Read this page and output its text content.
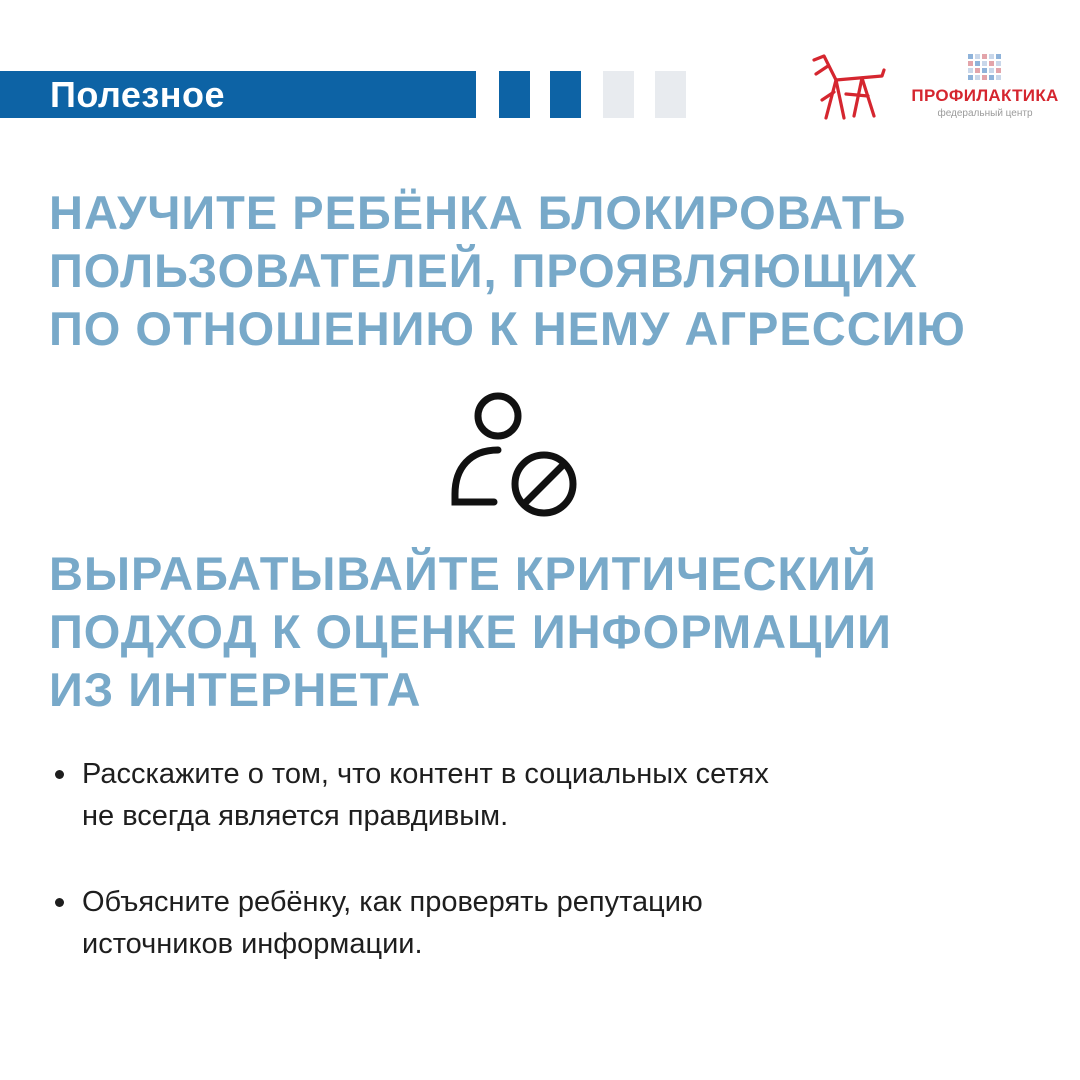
Полезное	ПРОФИЛАКТИКА
федеральный центр
НАУЧИТЕ РЕБЁНКА БЛОКИРОВАТЬ
ПОЛЬЗОВАТЕЛЕЙ, ПРОЯВЛЯЮЩИХ
ПО ОТНОШЕНИЮ К НЕМУ АГРЕССИЮ
ВЫРАБАТЫВАЙТЕ КРИТИЧЕСКИЙ
ПОДХОД К ОЦЕНКЕ ИНФОРМАЦИИ
ИЗ ИНТЕРНЕТА
Расскажите о том, что контент в социальных сетях
не всегда является правдивым.
Объясните ребёнку, как проверять репутацию
источников информации.
